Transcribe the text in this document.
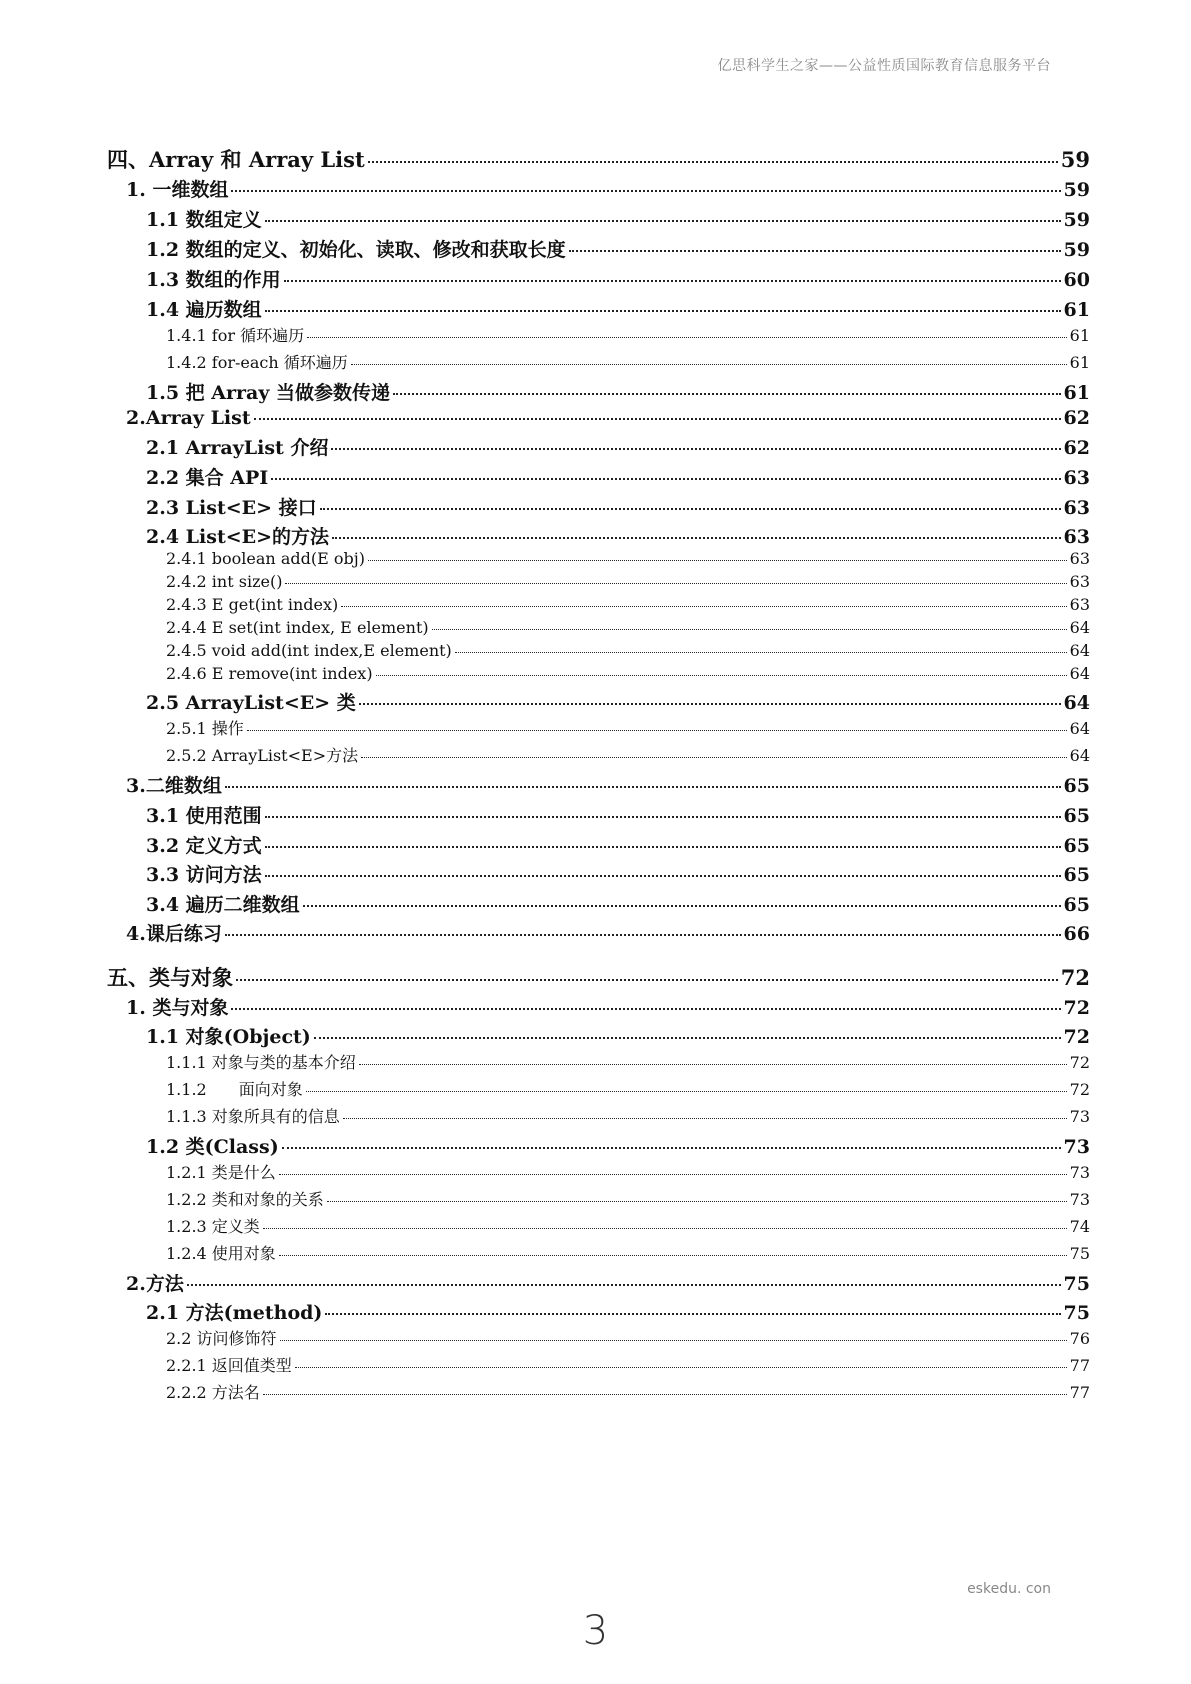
亿思科学生之家——公益性质国际教育信息服务平台
四、Array 和 Array List	59
1. 一维数组	59
1.1 数组定义	59
1.2 数组的定义、初始化、读取、修改和获取长度	59
1.3 数组的作用	60
1.4 遍历数组	61
1.4.1 for 循环遍历	61
1.4.2 for-each 循环遍历	61
1.5 把 Array 当做参数传递	61
2.Array List	62
2.1 ArrayList 介绍	62
2.2 集合 API	63
2.3 List<E> 接口	63
2.4 List<E>的方法	63
2.4.1 boolean add(E obj)	63
2.4.2 int size()	63
2.4.3 E get(int index)	63
2.4.4 E set(int index, E element)	64
2.4.5 void add(int index,E element)	64
2.4.6 E remove(int index)	64
2.5 ArrayList<E> 类	64
2.5.1 操作	64
2.5.2 ArrayList<E>方法	64
3.二维数组	65
3.1 使用范围	65
3.2 定义方式	65
3.3 访问方法	65
3.4 遍历二维数组	65
4.课后练习	66
五、类与对象	72
1. 类与对象	72
1.1 对象(Object)	72
1.1.1 对象与类的基本介绍	72
1.1.2　　面向对象	72
1.1.3 对象所具有的信息	73
1.2 类(Class)	73
1.2.1 类是什么	73
1.2.2 类和对象的关系	73
1.2.3 定义类	74
1.2.4 使用对象	75
2.方法	75
2.1 方法(method)	75
2.2 访问修饰符	76
2.2.1 返回值类型	77
2.2.2 方法名	77
eskedu. con
3
